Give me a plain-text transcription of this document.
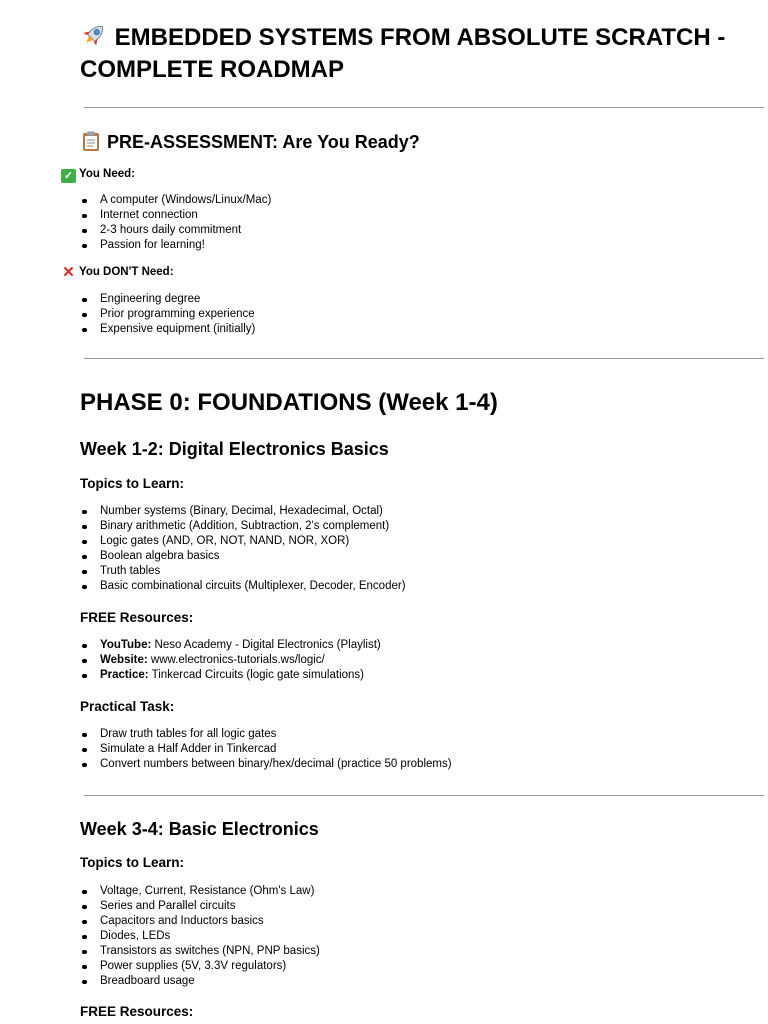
EMBEDDED SYSTEMS FROM ABSOLUTE SCRATCH - COMPLETE ROADMAP
PRE-ASSESSMENT: Are You Ready?

✓ You Need:

A computer (Windows/Linux/Mac)
Internet connection
2-3 hours daily commitment
Passion for learning!

✕ You DON'T Need:

Engineering degree
Prior programming experience
Expensive equipment (initially)
PHASE 0: FOUNDATIONS (Week 1-4)
Week 1-2: Digital Electronics Basics
Topics to Learn:
Number systems (Binary, Decimal, Hexadecimal, Octal)
Binary arithmetic (Addition, Subtraction, 2's complement)
Logic gates (AND, OR, NOT, NAND, NOR, XOR)
Boolean algebra basics
Truth tables
Basic combinational circuits (Multiplexer, Decoder, Encoder)
FREE Resources:
YouTube: Neso Academy - Digital Electronics (Playlist)
Website: www.electronics-tutorials.ws/logic/
Practice: Tinkercad Circuits (logic gate simulations)
Practical Task:
Draw truth tables for all logic gates
Simulate a Half Adder in Tinkercad
Convert numbers between binary/hex/decimal (practice 50 problems)
Week 3-4: Basic Electronics
Topics to Learn:
Voltage, Current, Resistance (Ohm's Law)
Series and Parallel circuits
Capacitors and Inductors basics
Diodes, LEDs
Transistors as switches (NPN, PNP basics)
Power supplies (5V, 3.3V regulators)
Breadboard usage
FREE Resources:
